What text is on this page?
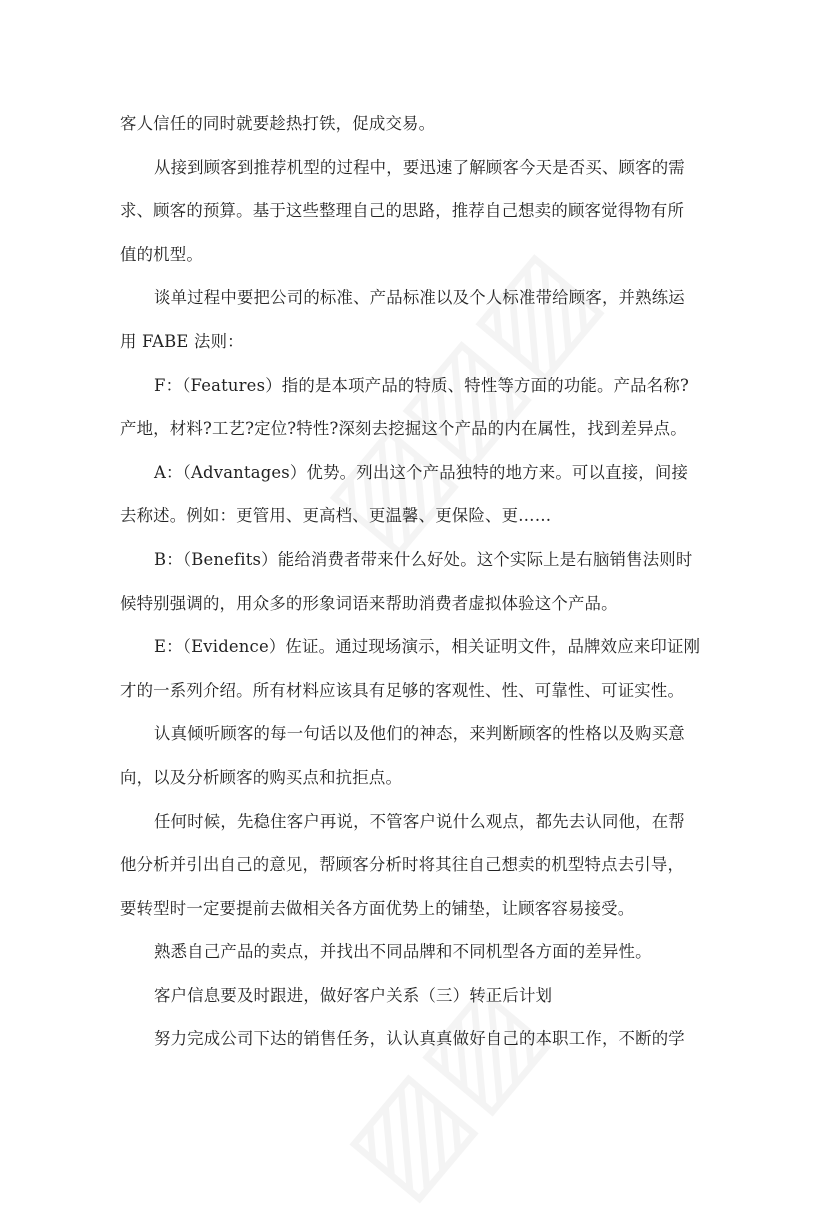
客人信任的同时就要趁热打铁，促成交易。
从接到顾客到推荐机型的过程中，要迅速了解顾客今天是否买、顾客的需
求、顾客的预算。基于这些整理自己的思路，推荐自己想卖的顾客觉得物有所
值的机型。
谈单过程中要把公司的标准、产品标准以及个人标准带给顾客，并熟练运
用 FABE 法则：
F：（Features）指的是本项产品的特质、特性等方面的功能。产品名称?
产地，材料?工艺?定位?特性?深刻去挖掘这个产品的内在属性，找到差异点。
A：（Advantages）优势。列出这个产品独特的地方来。可以直接，间接
去称述。例如：更管用、更高档、更温馨、更保险、更……
B：（Benefits）能给消费者带来什么好处。这个实际上是右脑销售法则时
候特别强调的，用众多的形象词语来帮助消费者虚拟体验这个产品。
E：（Evidence）佐证。通过现场演示，相关证明文件，品牌效应来印证刚
才的一系列介绍。所有材料应该具有足够的客观性、性、可靠性、可证实性。
认真倾听顾客的每一句话以及他们的神态，来判断顾客的性格以及购买意
向，以及分析顾客的购买点和抗拒点。
任何时候，先稳住客户再说，不管客户说什么观点，都先去认同他，在帮
他分析并引出自己的意见，帮顾客分析时将其往自己想卖的机型特点去引导，
要转型时一定要提前去做相关各方面优势上的铺垫，让顾客容易接受。
熟悉自己产品的卖点，并找出不同品牌和不同机型各方面的差异性。
客户信息要及时跟进，做好客户关系（三）转正后计划
努力完成公司下达的销售任务，认认真真做好自己的本职工作，不断的学
